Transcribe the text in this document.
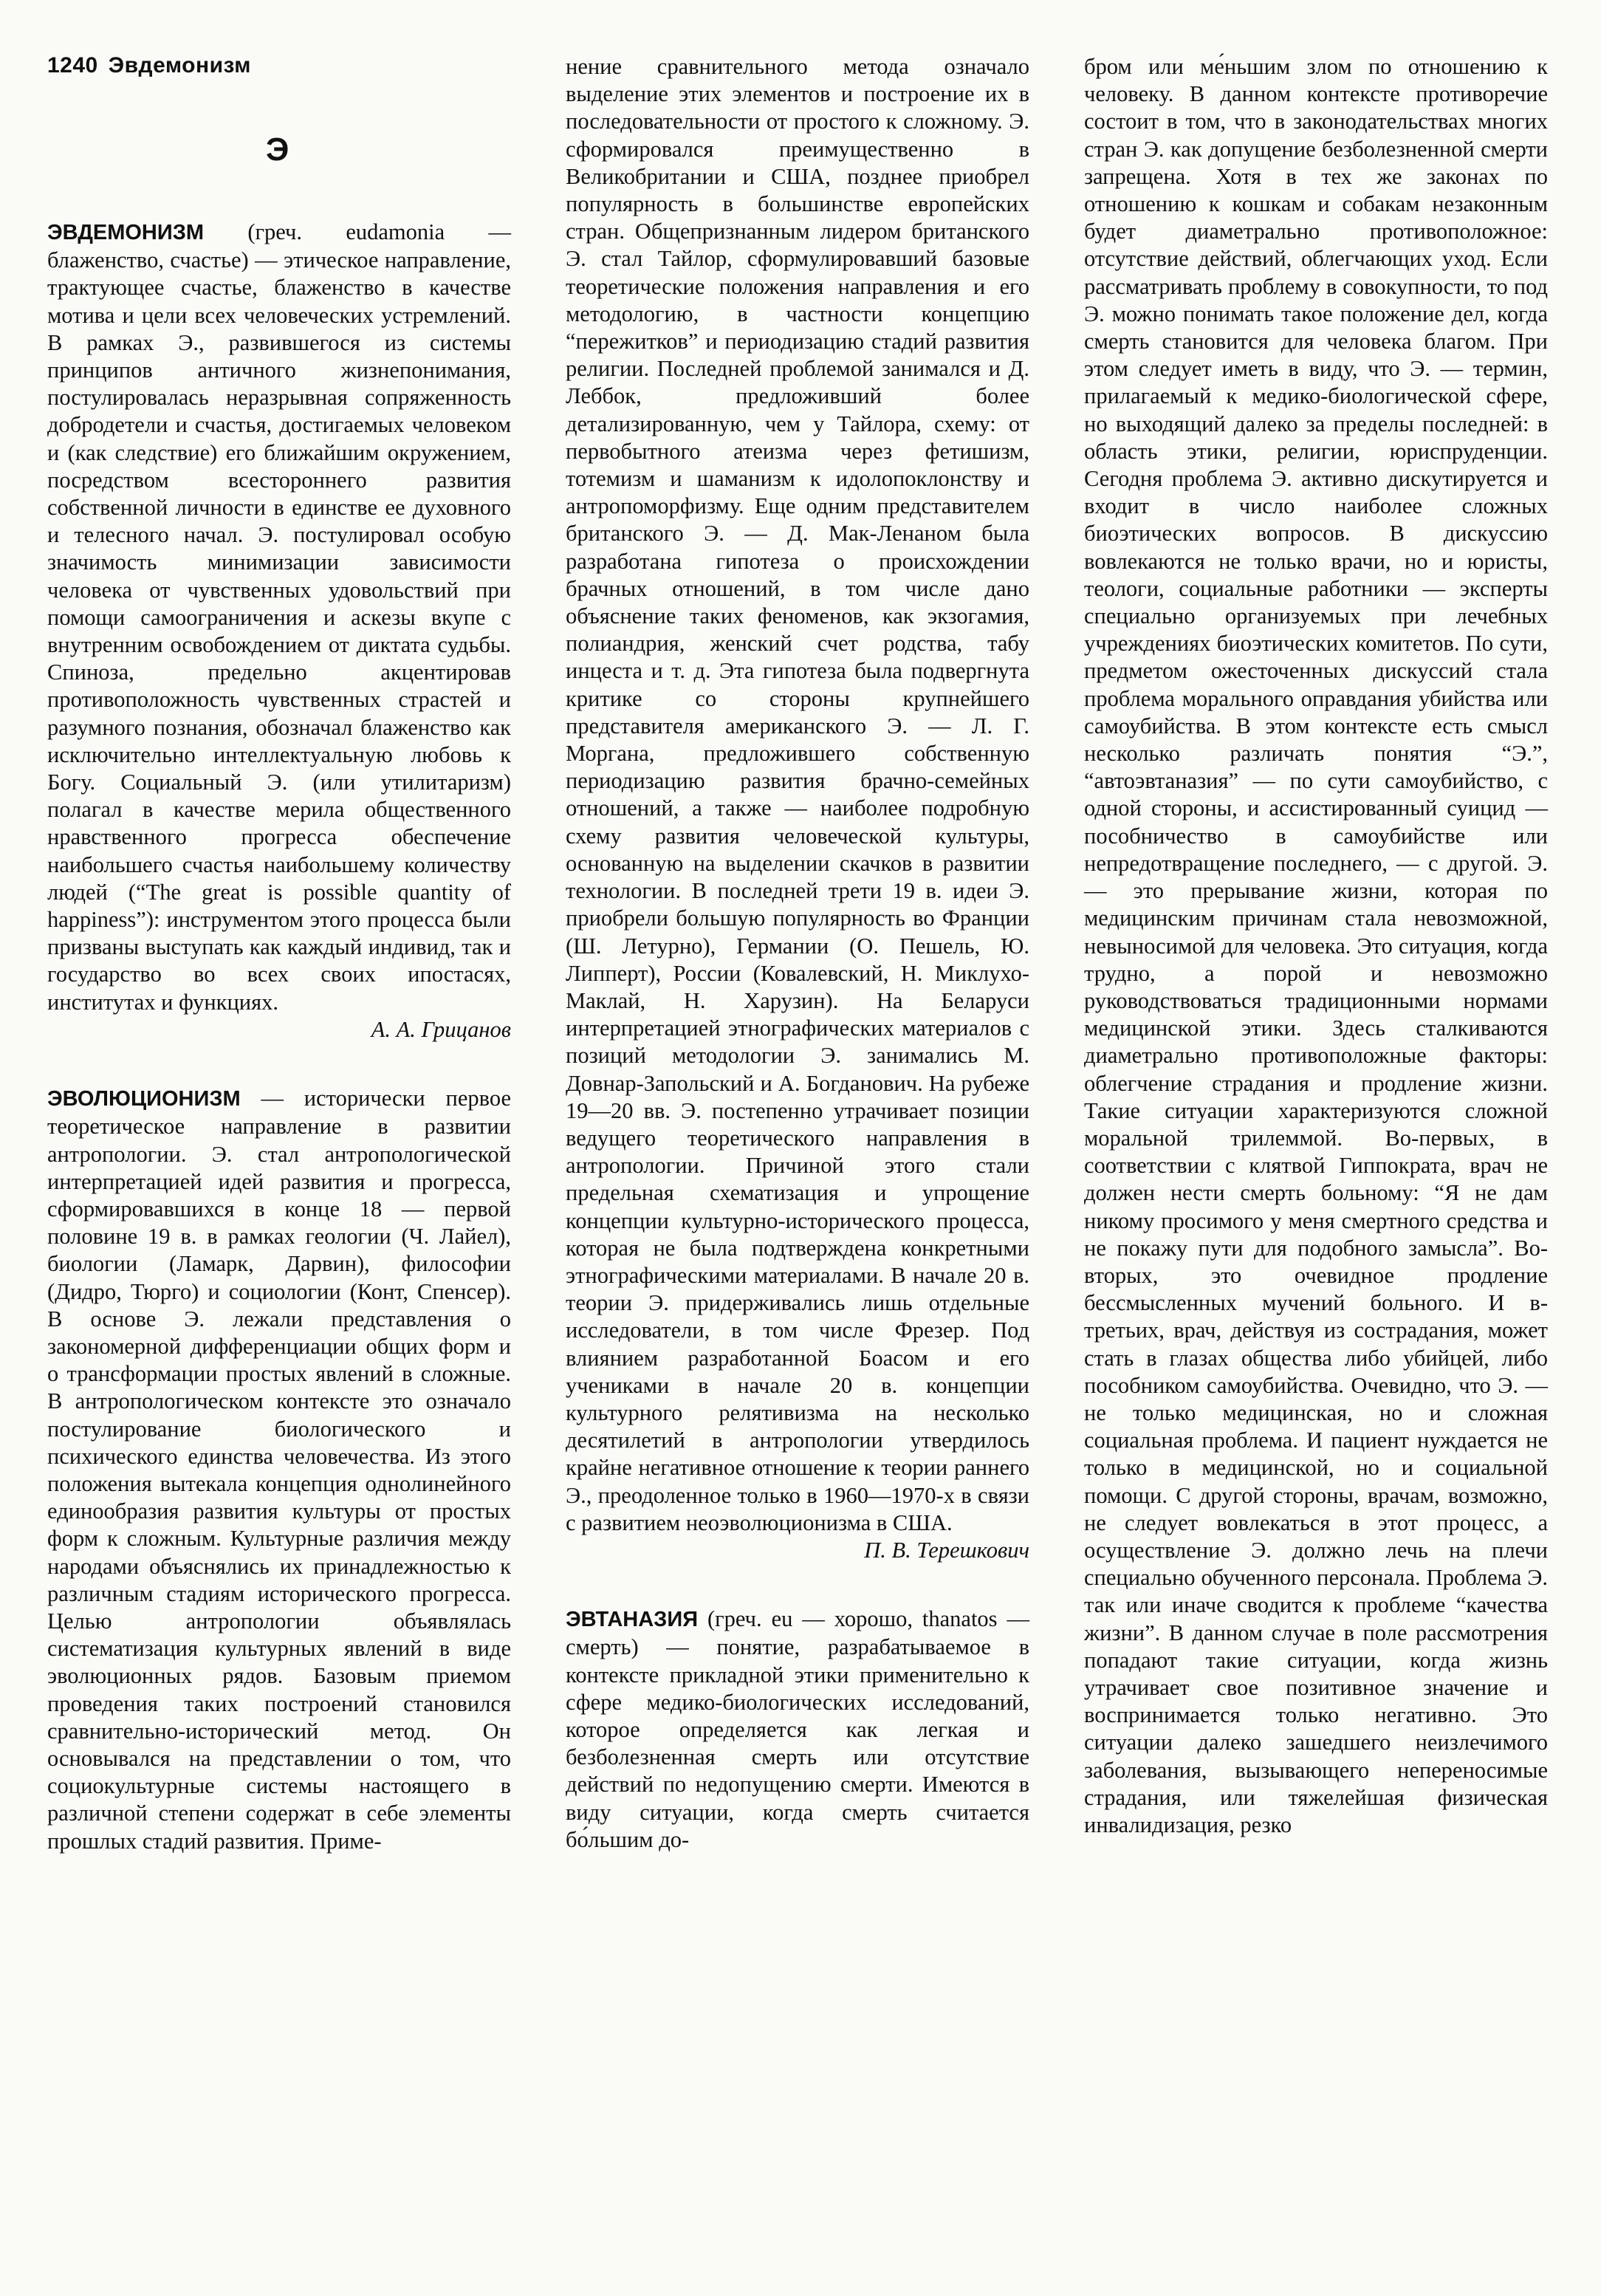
1240 Эвдемонизм
Э

ЭВДЕМОНИЗМ (греч. eudamonia — блаженство, счастье) — этическое направление, трактующее счастье, блаженство в качестве мотива и цели всех человеческих устремлений. В рамках Э., развившегося из системы принципов античного жизнепонимания, постулировалась неразрывная сопряженность добродетели и счастья, достигаемых человеком и (как следствие) его ближайшим окружением, посредством всестороннего развития собственной личности в единстве ее духовного и телесного начал. Э. постулировал особую значимость минимизации зависимости человека от чувственных удовольствий при помощи самоограничения и аскезы вкупе с внутренним освобождением от диктата судьбы. Спиноза, предельно акцентировав противоположность чувственных страстей и разумного познания, обозначал блаженство как исключительно интеллектуальную любовь к Богу. Социальный Э. (или утилитаризм) полагал в качестве мерила общественного нравственного прогресса обеспечение наибольшего счастья наибольшему количеству людей (“The great is possible quantity of happiness”): инструментом этого процесса были призваны выступать как каждый индивид, так и государство во всех своих ипостасях, институтах и функциях.

А. А. Грицанов

ЭВОЛЮЦИОНИЗМ — исторически первое теоретическое направление в развитии антропологии. Э. стал антропологической интерпретацией идей развития и прогресса, сформировавшихся в конце 18 — первой половине 19 в. в рамках геологии (Ч. Лайел), биологии (Ламарк, Дарвин), философии (Дидро, Тюрго) и социологии (Конт, Спенсер). В основе Э. лежали представления о закономерной дифференциации общих форм и о трансформации простых явлений в сложные. В антропологическом контексте это означало постулирование биологического и психического единства человечества. Из этого положения вытекала концепция однолинейного единообразия развития культуры от простых форм к сложным. Культурные различия между народами объяснялись их принадлежностью к различным стадиям исторического прогресса. Целью антропологии объявлялась систематизация культурных явлений в виде эволюционных рядов. Базовым приемом проведения таких построений становился сравнительно-исторический метод. Он основывался на представлении о том, что социокультурные системы настоящего в различной степени содержат в себе элементы прошлых стадий развития. Приме-

нение сравнительного метода означало выделение этих элементов и построение их в последовательности от простого к сложному. Э. сформировался преимущественно в Великобритании и США, позднее приобрел популярность в большинстве европейских стран. Общепризнанным лидером британского Э. стал Тайлор, сформулировавший базовые теоретические положения направления и его методологию, в частности концепцию “пережитков” и периодизацию стадий развития религии. Последней проблемой занимался и Д. Леббок, предложивший более детализированную, чем у Тайлора, схему: от первобытного атеизма через фетишизм, тотемизм и шаманизм к идолопоклонству и антропоморфизму. Еще одним представителем британского Э. — Д. Мак-Ленаном была разработана гипотеза о происхождении брачных отношений, в том числе дано объяснение таких феноменов, как экзогамия, полиандрия, женский счет родства, табу инцеста и т. д. Эта гипотеза была подвергнута критике со стороны крупнейшего представителя американского Э. — Л. Г. Моргана, предложившего собственную периодизацию развития брачно-семейных отношений, а также — наиболее подробную схему развития человеческой культуры, основанную на выделении скачков в развитии технологии. В последней трети 19 в. идеи Э. приобрели большую популярность во Франции (Ш. Летурно), Германии (О. Пешель, Ю. Липперт), России (Ковалевский, Н. Миклухо-Маклай, Н. Харузин). На Беларуси интерпретацией этнографических материалов с позиций методологии Э. занимались М. Довнар-Запольский и А. Богданович. На рубеже 19—20 вв. Э. постепенно утрачивает позиции ведущего теоретического направления в антропологии. Причиной этого стали предельная схематизация и упрощение концепции культурно-исторического процесса, которая не была подтверждена конкретными этнографическими материалами. В начале 20 в. теории Э. придерживались лишь отдельные исследователи, в том числе Фрезер. Под влиянием разработанной Боасом и его учениками в начале 20 в. концепции культурного релятивизма на несколько десятилетий в антропологии утвердилось крайне негативное отношение к теории раннего Э., преодоленное только в 1960—1970-х в связи с развитием неоэволюционизма в США.

П. В. Терешкович

ЭВТАНАЗИЯ (греч. eu — хорошо, thanatos — смерть) — понятие, разрабатываемое в контексте прикладной этики применительно к сфере медико-биологических исследований, которое определяется как легкая и безболезненная смерть или отсутствие действий по недопущению смерти. Имеются в виду ситуации, когда смерть считается бо́льшим до-

бром или ме́ньшим злом по отношению к человеку. В данном контексте противоречие состоит в том, что в законодательствах многих стран Э. как допущение безболезненной смерти запрещена. Хотя в тех же законах по отношению к кошкам и собакам незаконным будет диаметрально противоположное: отсутствие действий, облегчающих уход. Если рассматривать проблему в совокупности, то под Э. можно понимать такое положение дел, когда смерть становится для человека благом. При этом следует иметь в виду, что Э. — термин, прилагаемый к медико-биологической сфере, но выходящий далеко за пределы последней: в область этики, религии, юриспруденции. Сегодня проблема Э. активно дискутируется и входит в число наиболее сложных биоэтических вопросов. В дискуссию вовлекаются не только врачи, но и юристы, теологи, социальные работники — эксперты специально организуемых при лечебных учреждениях биоэтических комитетов. По сути, предметом ожесточенных дискуссий стала проблема морального оправдания убийства или самоубийства. В этом контексте есть смысл несколько различать понятия “Э.”, “автоэвтаназия” — по сути самоубийство, с одной стороны, и ассистированный суицид — пособничество в самоубийстве или непредотвращение последнего, — с другой. Э. — это прерывание жизни, которая по медицинским причинам стала невозможной, невыносимой для человека. Это ситуация, когда трудно, а порой и невозможно руководствоваться традиционными нормами медицинской этики. Здесь сталкиваются диаметрально противоположные факторы: облегчение страдания и продление жизни. Такие ситуации характеризуются сложной моральной трилеммой. Во-первых, в соответствии с клятвой Гиппократа, врач не должен нести смерть больному: “Я не дам никому просимого у меня смертного средства и не покажу пути для подобного замысла”. Во-вторых, это очевидное продление бессмысленных мучений больного. И в-третьих, врач, действуя из сострадания, может стать в глазах общества либо убийцей, либо пособником самоубийства. Очевидно, что Э. — не только медицинская, но и сложная социальная проблема. И пациент нуждается не только в медицинской, но и социальной помощи. С другой стороны, врачам, возможно, не следует вовлекаться в этот процесс, а осуществление Э. должно лечь на плечи специально обученного персонала. Проблема Э. так или иначе сводится к проблеме “качества жизни”. В данном случае в поле рассмотрения попадают такие ситуации, когда жизнь утрачивает свое позитивное значение и воспринимается только негативно. Это ситуации далеко зашедшего неизлечимого заболевания, вызывающего непереносимые страдания, или тяжелейшая физическая инвалидизация, резко
